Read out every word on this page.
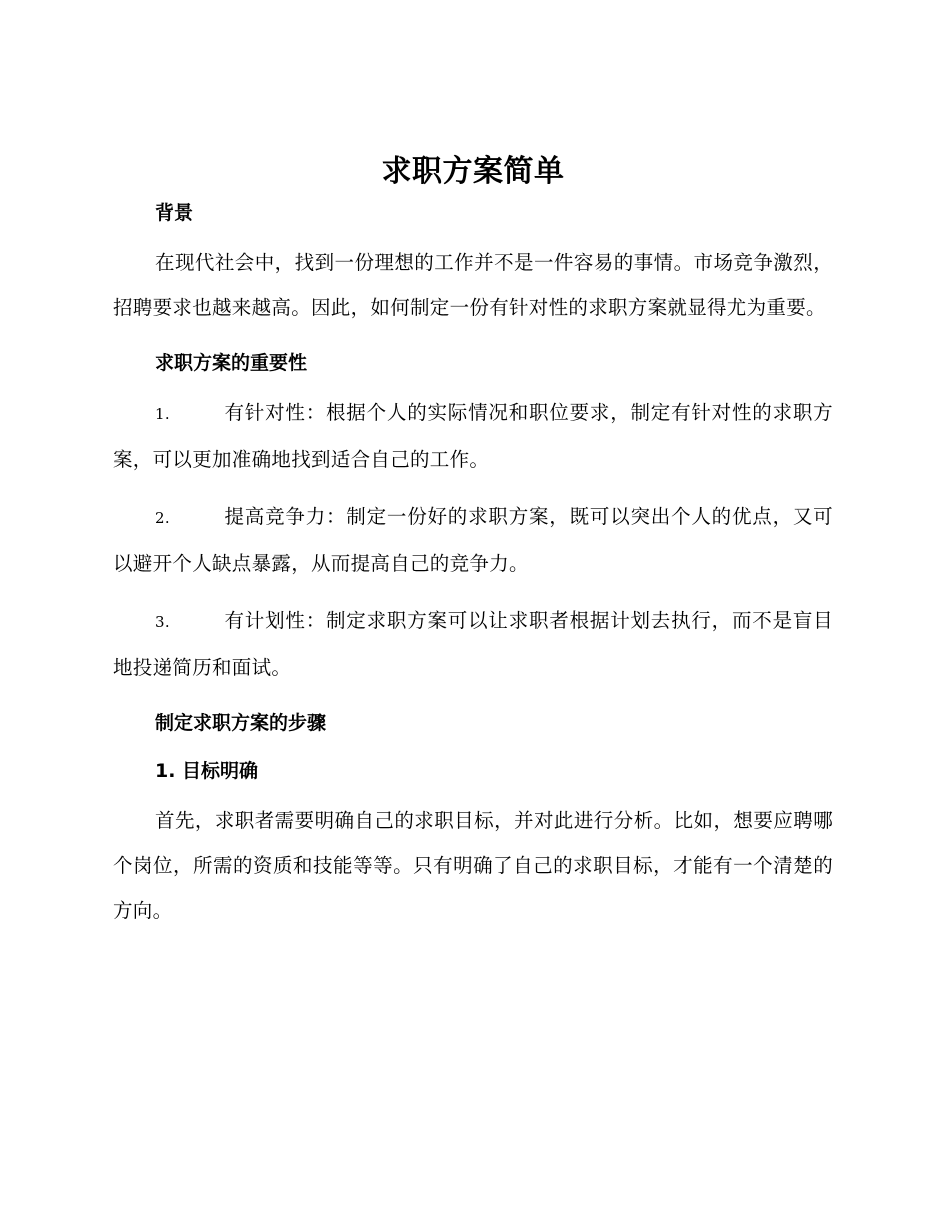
求职方案简单
背景

在现代社会中，找到一份理想的工作并不是一件容易的事情。市场竞争激烈，招聘要求也越来越高。因此，如何制定一份有针对性的求职方案就显得尤为重要。

求职方案的重要性

1.	有针对性：根据个人的实际情况和职位要求，制定有针对性的求职方案，可以更加准确地找到适合自己的工作。

2.	提高竞争力：制定一份好的求职方案，既可以突出个人的优点，又可以避开个人缺点暴露，从而提高自己的竞争力。

3.	有计划性：制定求职方案可以让求职者根据计划去执行，而不是盲目地投递简历和面试。

制定求职方案的步骤
1. 目标明确

首先，求职者需要明确自己的求职目标，并对此进行分析。比如，想要应聘哪个岗位，所需的资质和技能等等。只有明确了自己的求职目标，才能有一个清楚的方向。
